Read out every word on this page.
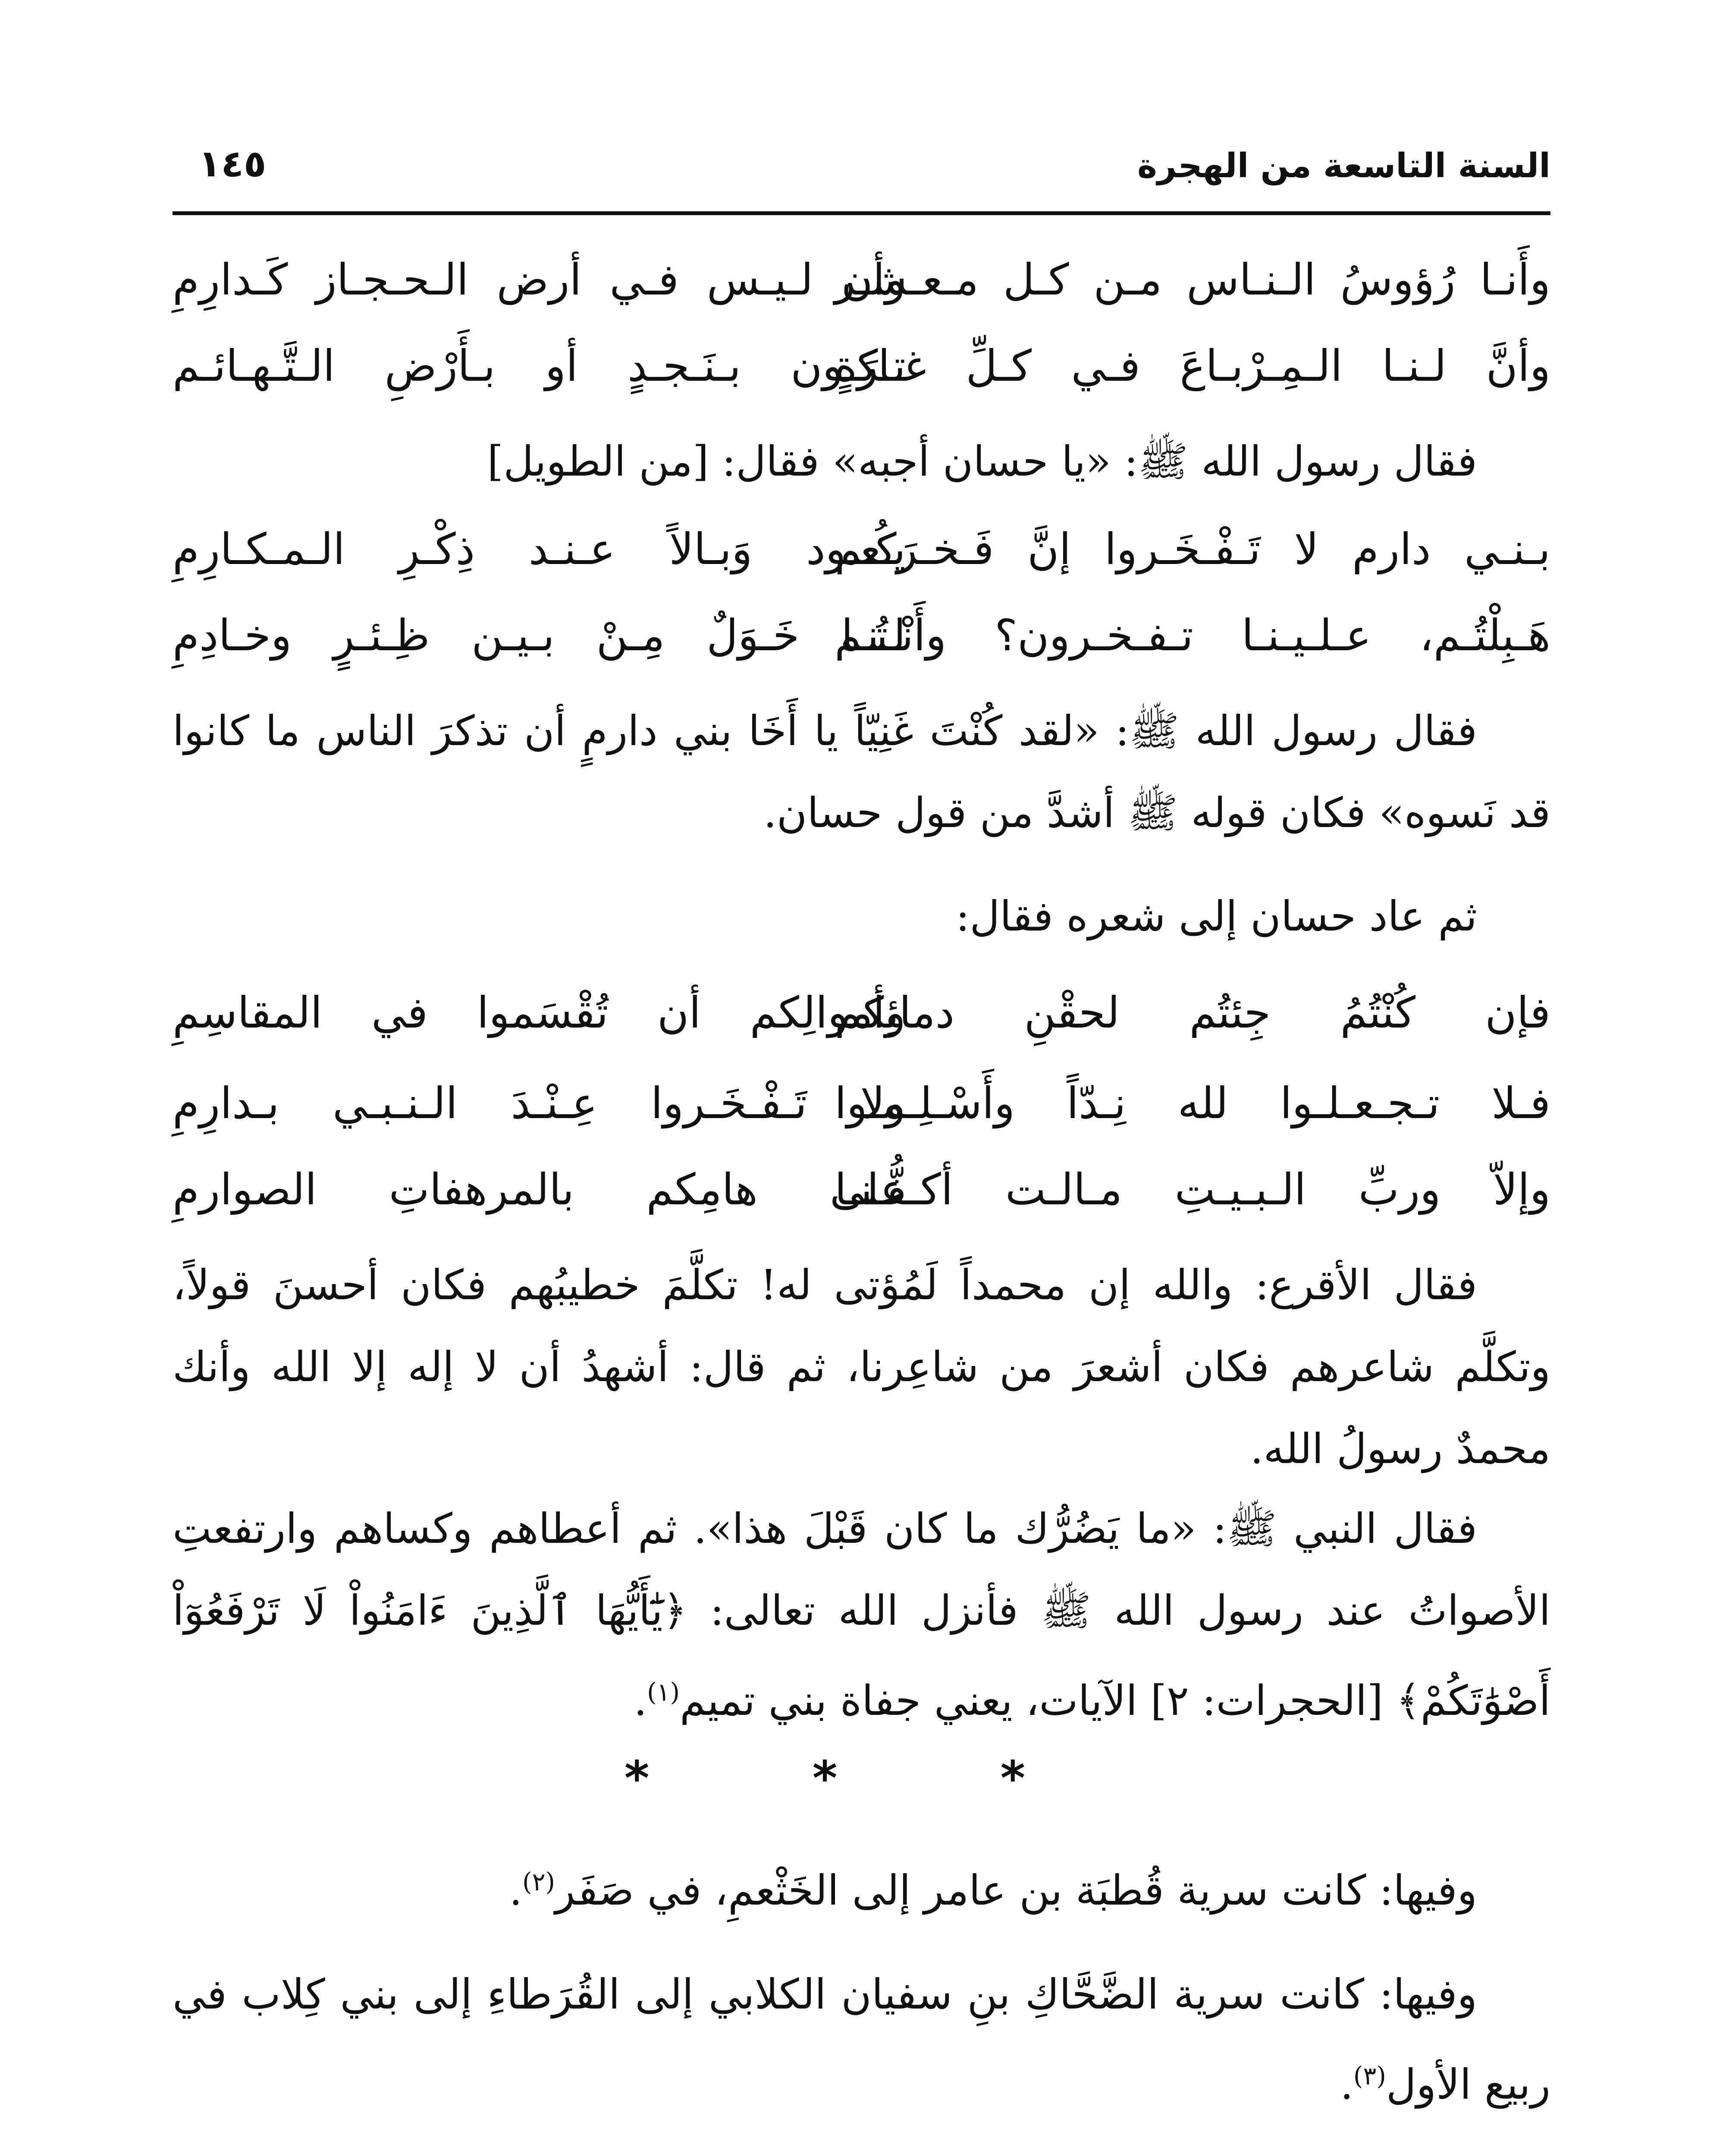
السنة التاسعة من الهجرة
١٤٥
وأَنـا رُؤوسُ الـنـاس مـن كـل مـعـشـر
وأن لـيـس فـي أرض الـحـجـاز كَـدارِمِ
وأنَّ لـنـا الـمِـرْبـاعَ فـي كـلِّ غـارَةٍ
تـكـون بـنَـجـدٍ أو بـأَرْضِ الـتَّـهـائـم
فقال رسول الله ﷺ: «يا حسان أجبه» فقال: [من الطويل]
بـنـي دارم لا تَـفْـخَـروا إنَّ فَـخـرَكُـم
يـعـود وَبـالاً عـنـد ذِكْـرِ الـمـكـارِمِ
هَـبِلْتُـم، عـلـيـنـا تـفـخـرون؟ وأَنْـتُـم
لـنـا خَـوَلٌ مِـنْ بـيـن ظِـئـرٍ وخـادِمِ
فقال رسول الله ﷺ: «لقد كُنْتَ غَنِيّاً يا أَخَا بني دارمٍ أن تذكرَ الناس ما كانوا قد نَسوه» فكان قوله ﷺ أشدَّ من قول حسان.
ثم عاد حسان إلى شعره فقال:
فإن كُنْتُمُ جِئتُم لحقْنِ دمائِكم
وأموالِكم أن تُقْسَموا في المقاسِمِ
فـلا تـجـعـلـوا لله نِـدّاً وأَسْـلِـمـوا
ولا تَـفْـخَـروا عِـنْـدَ الـنـبـي بـدارِمِ
وإلاّ وربِّ الـبـيـتِ مـالـت أكـفُّـنـا
على هامِكم بالمرهفاتِ الصوارمِ
فقال الأقرع: والله إن محمداً لَمُؤتى له! تكلَّمَ خطيبُهم فكان أحسنَ قولاً، وتكلَّم شاعرهم فكان أشعرَ من شاعِرنا، ثم قال: أشهدُ أن لا إله إلا الله وأنك محمدٌ رسولُ الله.
فقال النبي ﷺ: «ما يَضُرُّك ما كان قَبْلَ هذا». ثم أعطاهم وكساهم وارتفعتِ الأصواتُ عند رسول الله ﷺ فأنزل الله تعالى: ﴿يَٰٓأَيُّهَا ٱلَّذِينَ ءَامَنُواْ لَا تَرْفَعُوٓاْ أَصْوَٰتَكُمْ﴾ [الحجرات: ٢] الآيات، يعني جفاة بني تميم$^{(١)}$.
* * *
وفيها: كانت سرية قُطبَة بن عامر إلى الخَثْعمِ، في صَفَر$^{(٢)}$.
وفيها: كانت سرية الضَّحَّاكِ بنِ سفيان الكلابي إلى القُرَطاءِ إلى بني كِلاب في ربيع الأول$^{(٣)}$.
